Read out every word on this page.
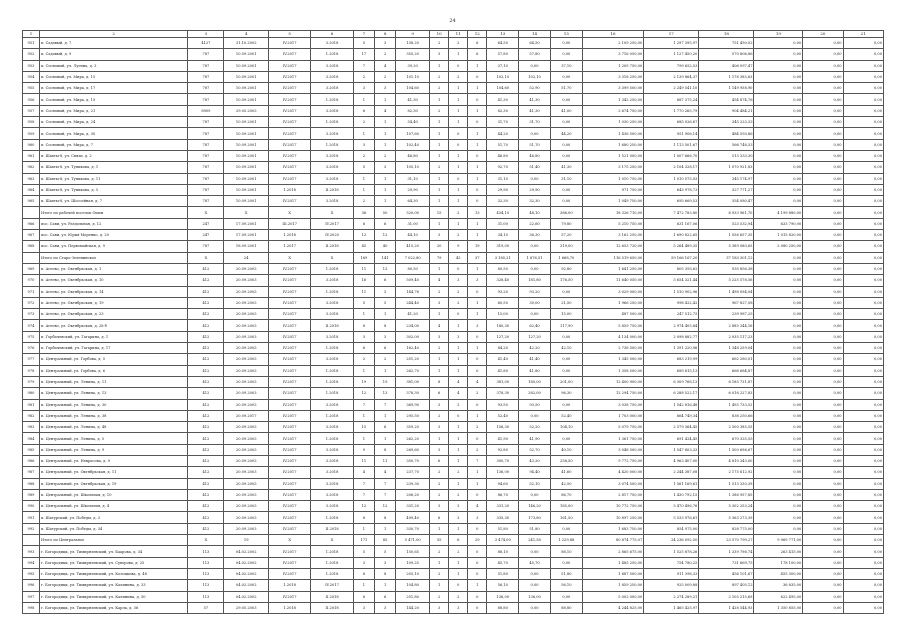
24
1	2	3	4	5	6	7	8	9	10	11	12	13	14	15	16	17	18	19	20	21
951	п. Садовый, д. 7	4127	31.10.2002	IV.2017	3.2018	5	3	138,20	2	2	6	64,50	64,50	0,00	2 109 250,00	1 297 395,97	751 450,02	0,00	0,00	0,00
952	п. Садовый, д. 9	787	10.09.2001	IV.2017	1.2018	17	2	355,20	3	1	6	57,80	57,80	0,00	3 716 050,00	1 127 450,20	570 806,86	0,00	0,00	0,00
953	п. Сосновый, ул. Лугина, д. 3	787	10.09.2001	IV.2017	3.2018	7	4	39,20	1	0	1	37,10	0,00	37,10	1 205 750,00	799 652,53	406 097,47	0,00	0,00	0,00
954	п. Сосновый, ул. Мира, д. 15	787	10.09.2001	IV.2017	3.2018	2	2	101,10	2	2	0	102,10	102,10	0,00	3 318 250,00	2 139 864,37	1 178 385,63	0,00	0,00	0,00
955	п. Сосновый, ул. Мира, д. 17	787	10.09.2001	IV.2017	3.2018	3	3	104,60	2	1	1	104,60	52,90	51,70	3 399 500,00	2 249 541,10	1 149 958,90	0,00	0,00	0,00
956	п. Сосновый, ул. Мира, д. 19	787	10.09.2001	IV.2017	1.2018	1	1	41,30	1	1	0	41,30	41,30	0,00	1 342 250,00	887 375,24	454 874,76	0,00	0,00	0,00
957	п. Сосновый, ул. Мира, д. 21	8909	29.05.2003	IV.2017	3.2018	6	4	82,30	2	1	1	82,30	41,30	41,00	2 674 750,00	1 770 265,79	904 484,21	0,00	0,00	0,00
958	п. Сосновый, ул. Мира, д. 24	787	10.09.2001	IV.2017	1.2018	2	1	54,40	1	1	0	31,70	31,70	0,00	1 030 250,00	685 026,67	345 223,33	0,00	0,00	0,00
959	п. Сосновый, ул. Мира, д. 30	787	10.09.2001	IV.2017	3.2018	1	1	107,60	1	0	1	44,20	0,00	44,20	1 436 500,00	951 906,14	484 593,86	0,00	0,00	0,00
960	п. Сосновый, ул. Мира, д. 7	787	10.09.2001	IV.2017	1.2018	3	1	102,40	1	0	1	51,70	51,70	0,00	1 680 250,00	1 113 501,67	566 748,33	0,00	0,00	0,00
961	п. Шахты-8, ул. Связи, д. 2	787	10.09.2001	IV.2017	3.2018	2	2	46,80	1	1	0	46,80	46,80	0,00	1 521 000,00	1 007 666,70	513 333,30	0,00	0,00	0,00
962	п. Шахты-8, ул. Тупикова, д. 1	787	10.09.2001	IV.2017	3.2018	5	3	105,10	2	1	1	92,70	51,40	41,30	3 175 250,00	2 104 328,17	1 070 921,83	0,00	0,00	0,00
963	п. Шахты-8, ул. Тупикова, д. 11	787	10.09.2001	IV.2017	3.2018	1	1	31,10	1	0	1	31,10	0,00	31,10	1 010 750,00	1 010 575,03	345 174,97	0,00	0,00	0,00
964	п. Шахты-8, ул. Тупикова, д. 5	787	10.09.2001	1.2018	II.2018	1	1	29,90	1	1	0	29,90	29,90	0,00	971 750,00	643 978,73	327 771,27	0,00	0,00	0,00
965	п. Шахты-8, ул. Шоссейная, д. 7	787	10.09.2001	IV.2017	3.2018	2	1	64,30	1	1	0	32,30	32,30	0,00	1 049 750,00	695 669,53	354 080,47	0,00	0,00	0,00
	Итого по рабочей поселок Ошеи	X	X	X	X	36	50	520,00	15	2	13	434,10	48,10	386,00	18 326 710,00	7 472 783,80	6 933 961,70	4 199 880,00	0,00	0,00
966	пос. Сави, ул. Раздольная, д. 12	247	17.09.2001	III.2017	IV.2017	6	6	31,00	1	1	1	31,00	22,60	79,80	5 210 750,00	631 167,06	523 532,94	633 790,00	0,00	0,00
967	пос. Сави, ул. Юрия Моренко, д. 20	247	17.09.2001	1.2018	IV.2020	12	12	44,10	3	2	1	34,10	36,30	57,20	3 162 250,00	1 690 822,65	1 056 657,35	1 015 820,00	0,00	0,00
968	пос. Сави, ул. Первомайская, д. 9	787	18.09.2001	1.2017	II.2018	45	40	415,20	20	9	19	319,00	0,00	319,00	12 653 720,00	5 264 489,35	5 389 080,65	2 080 250,00	0,00	0,00
	Итого по Старо-Зеленинское	X	24	X	X	169	141	7 022,80	79	42	37	3 185,21	1 876,51	1 668,70	116 519 650,00	59 166 167,20	37 183 301,12	0,00	0,00	0,00
969	п. Агеево, ул. Октябрьская, д. 1	412	20.09.2003	IV.2017	1.2018	11	13	80,50	1	0	1	80,50	0,00	92,80	1 641 250,00	805 393,62	935 856,38	0,00	0,00	0,00
970	п. Агеево, ул. Октябрьская, д. 10	412	20.09.2003	IV.2017	3.2018	16	6	509,40	4	3	3	328,40	181,80	176,50	11 640 050,00	5 654 321,44	5 225 578,56	0,00	0,00	0,00
971	п. Агеево, ул. Октябрьская, д. 14	412	20.09.2003	IV.2017	1.2018	11	3	144,76	2	2	0	93,20	93,20	0,00	3 029 000,00	1 510 902,96	1 498 094,04	0,00	0,00	0,00
972	п. Агеево, ул. Октябрьская, д. 19	412	20.09.2003	IV.2017	3.2018	5	5	244,40	3	2	1	60,50	30,00	21,50	1 966 250,00	998 422,42	967 827,58	0,00	0,00	0,00
973	п. Агеево, ул. Октябрьская, д. 23	412	20.09.2003	IV.2017	3.2018	1	1	41,20	1	0	1	15,00	0,00	15,00	487 500,00	247 512,75	239 987,25	0,00	0,00	0,00
974	п. Агеево, ул. Октябрьская, д. 28 б	412	20.09.2003	IV.2017	II.2018	8	8	234,00	4	1	3	180,30	62,40	117,90	5 859 750,00	2 974 405,84	2 885 344,16	0,00	0,00	0,00
975	п. Горбачевский, ул. Гагарина, д. 1	412	20.09.2003	IV.2017	3.2018	3	3	302,00	3	3	0	127,20	127,20	0,00	4 134 000,00	2 098 882,77	2 035 117,23	0,00	0,00	0,00
976	п. Горбачевский, ул. Гагарина, д. 17	412	20.09.2003	IV.2017	1.2018	6	6	162,40	2	1	1	84,20	42,20	42,10	2 736 500,00	1 391 220,96	1 348 259,04	0,00	0,00	0,00
977	п. Центральный, ул. Горбова, д. 5	412	20.09.2003	IV.2017	3.2018	2	2	251,20	1	1	0	41,40	41,40	0,00	1 345 500,00	683 219,99	662 280,01	0,00	0,00	0,00
978	п. Центральный, ул. Горбова, д. 6	412	20.09.2003	IV.2017	1.2018	1	1	262,70	1	1	0	41,80	41,80	0,00	1 358 500,00	689 815,13	668 684,87	0,00	0,00	0,00
979	п. Центральный, ул. Ленина, д. 11	412	20.09.2003	IV.2017	1.2018	19	19	381,00	8	4	4	381,00	180,00	201,00	12 400 900,00	6 309 768,13	6 185 731,87	0,00	0,00	0,00
980	п. Центральный, ул. Ленина, д. 13	412	20.09.2003	IV.2017	1.2018	12	13	378,30	6	4	2	378,30	282,00	96,30	12 294 750,00	6 288 522,17	6 016 227,83	0,00	0,00	0,00
981	п. Центральный, ул. Ленина, д. 30	412	20.09.2003	IV.2017	3.2018	7	7	369,90	3	3	0	93,50	93,50	0,00	3 038 750,00	1 542 816,48	1 495 733,52	0,00	0,00	0,00
982	п. Центральный, ул. Ленина, д. 38	412	20.09.2017	IV.2017	1.2018	1	1	295,50	2	0	1	52,40	0,00	52,40	1 703 000,00	864 749,34	838 250,66	0,00	0,00	0,00
983	п. Центральный, ул. Ленина, д. 48	412	20.09.2003	IV.2017	3.2018	15	6	359,20	3	1	2	156,30	52,20	104,10	5 079 750,00	2 579 364,45	2 500 385,55	0,00	0,00	0,00
984	п. Центральный, ул. Ленина, д. 5	412	20.09.2003	IV.2017	1.2018	1	1	262,20	1	1	0	41,90	41,90	0,00	1 361 750,00	691 424,45	670 325,55	0,00	0,00	0,00
985	п. Центральный, ул. Ленина, д. 9	412	20.09.2003	IV.2017	3.2018	9	8	269,60	3	1	2	92,80	52,70	40,10	3 048 500,00	1 547 803,33	1 500 696,67	0,00	0,00	0,00
986	п. Центральный, ул. Некрасова, д. 9	412	20.09.2003	IV.2017	3.2018	11	11	350,70	6	1	7	300,70	43,20	258,50	9 772 750,00	4 963 407,00	4 810 343,00	0,00	0,00	0,00
987	п. Центральный, ул. Октябрьская, д. 11	412	20.09.2003	IV.2017	3.2018	4	4	237,70	2	2	1	136,00	94,40	41,60	4 420 000,00	2 244 387,08	2 175 612,92	0,00	0,00	0,00
988	п. Центральный, ул. Октябрьская, д. 19	412	20.09.2003	IV.2017	3.2018	7	7	239,30	2	1	1	94,60	52,10	42,50	3 074 500,00	1 561 169,61	1 513 330,39	0,00	0,00	0,00
989	п. Центральный, ул. Школьная, д. 10	412	20.09.2003	IV.2017	3.2018	7	7	206,20	2	2	0	86,70	0,00	86,70	2 817 750,00	1 430 792,15	1 386 957,85	0,00	0,00	0,00
990	п. Центральный, ул. Школьная, д. 4	412	20.09.2003	IV.2017	3.2018	12	12	331,20	3	3	4	331,20	146,20	185,00	10 772 750,00	5 470 496,76	5 302 253,24	0,00	0,00	0,00
991	п. Шатурский, ул. Победы, д. 3	412	20.09.2003	IV.2017	1.2018	8	8	499,40	6	3	3	335,30	173,80	161,50	10 897 250,00	5 533 976,61	5 363 273,39	0,00	0,00	0,00
992	п. Шатурский, ул. Победы, д. 34	412	20.09.2003	IV.2017	II.2018	1	1	330,70	1	1	0	51,80	51,80	0,00	1 683 750,00	854 975,00	828 775,00	0,00	0,00	0,00
	Итого по Центральное	X	19	X	X	171	85	5 471,00	55	6	29	3 474,00	241,58	1 229,88	80 874 775,07	24 236 092,50	23 570 799,27	9 969 771,00	0,00	0,00
993	г. Богородицк, ул. Тимирязевский, ул. Баарова, д. 34	113	04.02.2002	IV.2017	1.2018	5	5	150,65	2	2	0	88,10	0,00	88,10	2 865 675,00	1 525 878,26	1 339 796,74	263 415,00	0,00	0,00
994	г. Богородицк, ул. Тимирязевский, ул. Суворова, д. 25	113	04.02.2002	IV.2017	1.2018	3	3	109,25	1	1	0	45,70	45,70	0,00	1 485 250,00	754 780,25	731 669,75	178 100,00	0,00	0,00
995	г. Богородицк, ул. Тимирязевский, ул. Колоцкова, д. 48	113	04.02.2002	IV.2017	1.2018	8	8	205,10	2	1	0	51,80	0,00	51,80	1 687 500,00	911 398,33	456 101,67	455 300,00	0,00	0,00
996	г. Богородицк, ул. Тимирязевский, ул. Калинина, д. 33	113	04.02.2002	1.2018	IV.2017	1	1	104,80	1	0	1	56,10	0,00	56,10	1 859 250,00	925 009,88	897 405,12	36 835,00	0,00	0,00
997	г. Богородицк, ул. Тимирязевский, ул. Калинина, д. 50	113	04.02.2002	IV.2017	II.2018	6	6	251,80	2	2	0	136,00	136,00	0,00	5 002 000,00	2 274 289,21	2 105 215,69	622 495,00	0,00	0,00
998	г. Богородицк, ул. Тимирязевский, ул. Карла, д. 36	57	29.05.2003	1.2018	II.2018	3	3	144,20	3	3	0	88,80	0,00	88,80	4 244 825,00	1 465 425,97	1 428 544,93	1 350 855,00	0,00	0,00
